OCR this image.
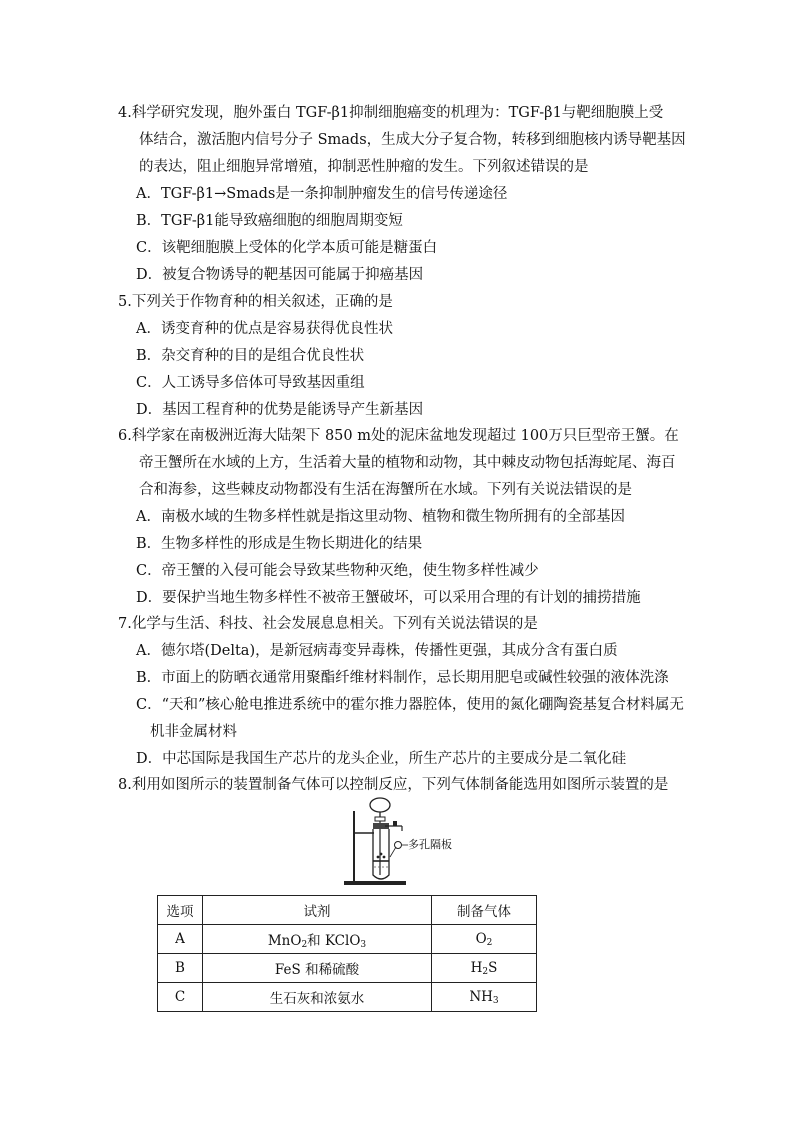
4.科学研究发现，胞外蛋白 TGF-β1抑制细胞癌变的机理为：TGF-β1与靶细胞膜上受
体结合，激活胞内信号分子 Smads，生成大分子复合物，转移到细胞核内诱导靶基因
的表达，阻止细胞异常增殖，抑制恶性肿瘤的发生。下列叙述错误的是
A．TGF-β1→Smads是一条抑制肿瘤发生的信号传递途径
B．TGF-β1能导致癌细胞的细胞周期变短
C．该靶细胞膜上受体的化学本质可能是糖蛋白
D．被复合物诱导的靶基因可能属于抑癌基因
5.下列关于作物育种的相关叙述，正确的是
A．诱变育种的优点是容易获得优良性状
B．杂交育种的目的是组合优良性状
C．人工诱导多倍体可导致基因重组
D．基因工程育种的优势是能诱导产生新基因
6.科学家在南极洲近海大陆架下 850 m处的泥床盆地发现超过 100万只巨型帝王蟹。在
帝王蟹所在水域的上方，生活着大量的植物和动物，其中棘皮动物包括海蛇尾、海百
合和海参，这些棘皮动物都没有生活在海蟹所在水域。下列有关说法错误的是
A．南极水域的生物多样性就是指这里动物、植物和微生物所拥有的全部基因
B．生物多样性的形成是生物长期进化的结果
C．帝王蟹的入侵可能会导致某些物种灭绝，使生物多样性减少
D．要保护当地生物多样性不被帝王蟹破坏，可以采用合理的有计划的捕捞措施
7.化学与生活、科技、社会发展息息相关。下列有关说法错误的是
A．德尔塔(Delta)，是新冠病毒变异毒株，传播性更强，其成分含有蛋白质
B．市面上的防晒衣通常用聚酯纤维材料制作，忌长期用肥皂或碱性较强的液体洗涤
C．“天和”核心舱电推进系统中的霍尔推力器腔体，使用的氮化硼陶瓷基复合材料属无
机非金属材料
D．中芯国际是我国生产芯片的龙头企业，所生产芯片的主要成分是二氧化硅
8.利用如图所示的装置制备气体可以控制反应，下列气体制备能选用如图所示装置的是
多孔隔板
选项	试剂	制备气体
A	MnO$_2$和 KClO$_3$	$O_2$
B	FeS 和稀硫酸	$H_2S$
C	生石灰和浓氨水	$NH_3$
